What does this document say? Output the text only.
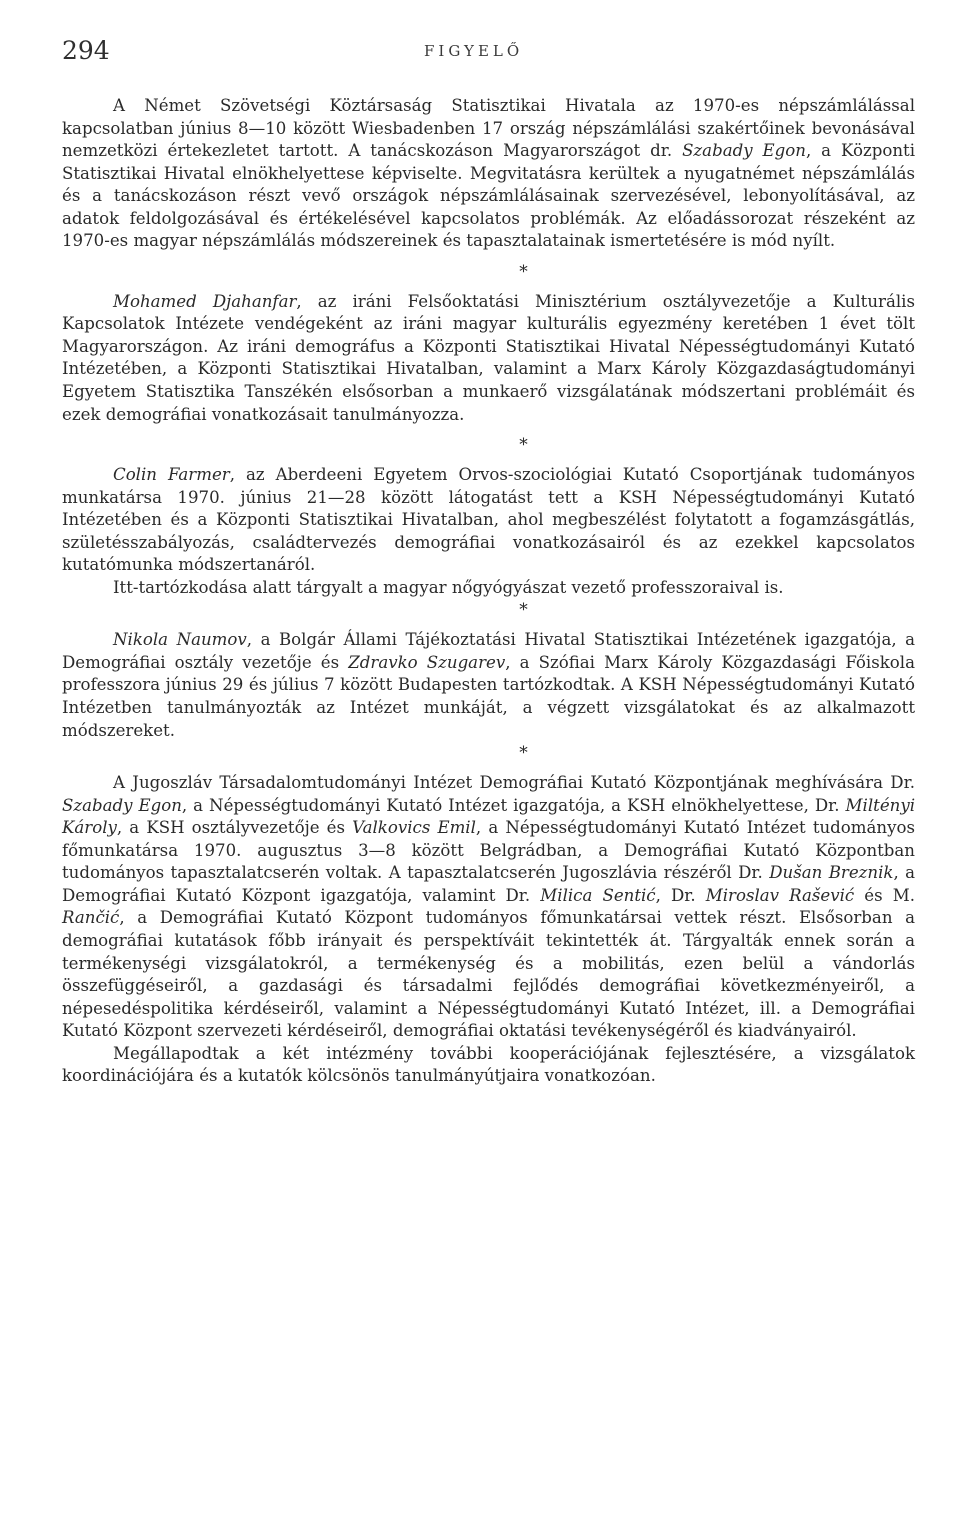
294	FIGYELŐ

A Német Szövetségi Köztársaság Statisztikai Hivatala az 1970-es népszámlálással kapcsolatban június 8—10 között Wiesbadenben 17 ország népszámlálási szakértőinek bevonásával nemzetközi értekezletet tartott. A tanácskozáson Magyarországot dr. Szabady Egon, a Központi Statisztikai Hivatal elnökhelyettese képviselte. Megvitatásra kerültek a nyugatnémet népszámlálás és a tanácskozáson részt vevő országok népszámlálásainak szervezésével, lebonyolításával, az adatok feldolgozásával és értékelésével kapcsolatos problémák. Az előadássorozat részeként az 1970-es magyar népszámlálás módszereinek és tapasztalatainak ismertetésére is mód nyílt.

*

Mohamed Djahanfar, az iráni Felsőoktatási Minisztérium osztályvezetője a Kulturális Kapcsolatok Intézete vendégeként az iráni magyar kulturális egyezmény keretében 1 évet tölt Magyarországon. Az iráni demográfus a Központi Statisztikai Hivatal Népességtudományi Kutató Intézetében, a Központi Statisztikai Hivatalban, valamint a Marx Károly Közgazdaságtudományi Egyetem Statisztika Tanszékén elsősorban a munkaerő vizsgálatának módszertani problémáit és ezek demográfiai vonatkozásait tanulmányozza.

*

Colin Farmer, az Aberdeeni Egyetem Orvos-szociológiai Kutató Csoportjának tudományos munkatársa 1970. június 21—28 között látogatást tett a KSH Népességtudományi Kutató Intézetében és a Központi Statisztikai Hivatalban, ahol megbeszélést folytatott a fogamzásgátlás, születésszabályozás, családtervezés demográfiai vonatkozásairól és az ezekkel kapcsolatos kutatómunka módszertanáról.

Itt-tartózkodása alatt tárgyalt a magyar nőgyógyászat vezető professzoraival is.

*

Nikola Naumov, a Bolgár Állami Tájékoztatási Hivatal Statisztikai Intézetének igazgatója, a Demográfiai osztály vezetője és Zdravko Szugarev, a Szófiai Marx Károly Közgazdasági Főiskola professzora június 29 és július 7 között Budapesten tartózkodtak. A KSH Népességtudományi Kutató Intézetben tanulmányozták az Intézet munkáját, a végzett vizsgálatokat és az alkalmazott módszereket.

*

A Jugoszláv Társadalomtudományi Intézet Demográfiai Kutató Központjának meghívására Dr. Szabady Egon, a Népességtudományi Kutató Intézet igazgatója, a KSH elnökhelyettese, Dr. Miltényi Károly, a KSH osztályvezetője és Valkovics Emil, a Népességtudományi Kutató Intézet tudományos főmunkatársa 1970. augusztus 3—8 között Belgrádban, a Demográfiai Kutató Központban tudományos tapasztalatcserén voltak. A tapasztalatcserén Jugoszlávia részéről Dr. Dušan Breznik, a Demográfiai Kutató Központ igazgatója, valamint Dr. Milica Sentić, Dr. Miroslav Rašević és M. Rančić, a Demográfiai Kutató Központ tudományos főmunkatársai vettek részt. Elsősorban a demográfiai kutatások főbb irányait és perspektíváit tekintették át. Tárgyalták ennek során a termékenységi vizsgálatokról, a termékenység és a mobilitás, ezen belül a vándorlás összefüggéseiről, a gazdasági és társadalmi fejlődés demográfiai következményeiről, a népesedéspolitika kérdéseiről, valamint a Népességtudományi Kutató Intézet, ill. a Demográfiai Kutató Központ szervezeti kérdéseiről, demográfiai oktatási tevékenységéről és kiadványairól.

Megállapodtak a két intézmény további kooperációjának fejlesztésére, a vizsgálatok koordinációjára és a kutatók kölcsönös tanulmányútjaira vonatkozóan.
